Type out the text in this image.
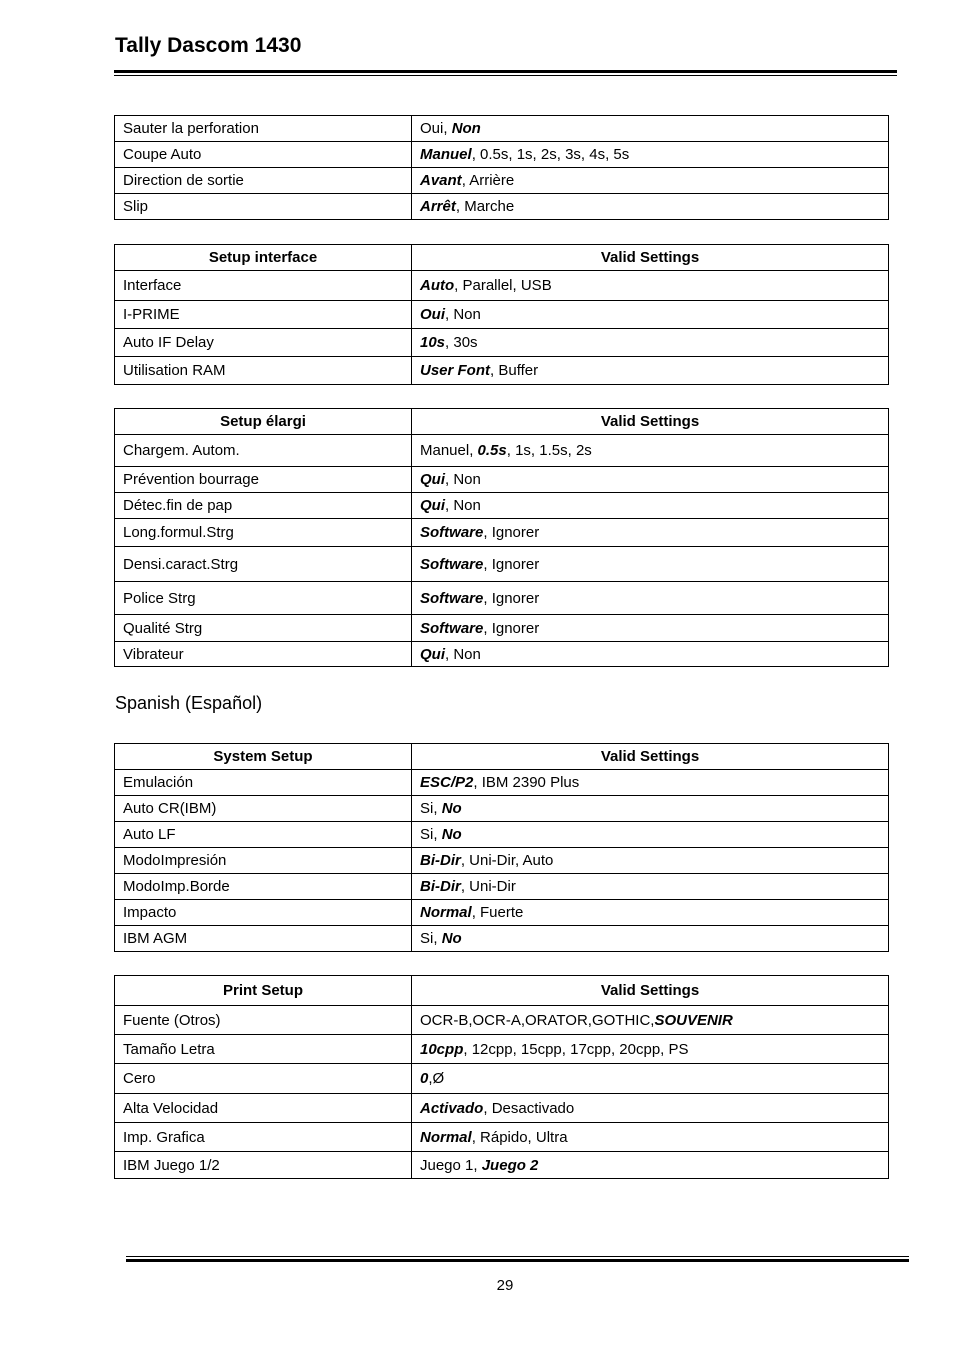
Tally Dascom 1430
Sauter la perforation	Oui, Non
Coupe Auto	Manuel, 0.5s, 1s, 2s, 3s, 4s, 5s
Direction de sortie	Avant, Arrière
Slip	Arrêt, Marche
Setup interface	Valid Settings
Interface	Auto, Parallel, USB
I-PRIME	Oui, Non
Auto IF Delay	10s, 30s
Utilisation RAM	User Font, Buffer
Setup élargi	Valid Settings
Chargem. Autom.	Manuel, 0.5s, 1s, 1.5s, 2s
Prévention bourrage	Qui, Non
Détec.fin de pap	Qui, Non
Long.formul.Strg	Software, Ignorer
Densi.caract.Strg	Software, Ignorer
Police Strg	Software, Ignorer
Qualité Strg	Software, Ignorer
Vibrateur	Qui, Non
Spanish (Español)
System Setup	Valid Settings
Emulación	ESC/P2, IBM 2390 Plus
Auto CR(IBM)	Si, No
Auto LF	Si, No
ModoImpresión	Bi-Dir, Uni-Dir, Auto
ModoImp.Borde	Bi-Dir, Uni-Dir
Impacto	Normal, Fuerte
IBM AGM	Si, No
Print Setup	Valid Settings
Fuente (Otros)	OCR-B,OCR-A,ORATOR,GOTHIC,SOUVENIR
Tamaño Letra	10cpp, 12cpp, 15cpp, 17cpp, 20cpp, PS
Cero	0,Ø
Alta Velocidad	Activado, Desactivado
Imp. Grafica	Normal, Rápido, Ultra
IBM Juego 1/2	Juego 1, Juego 2
29
